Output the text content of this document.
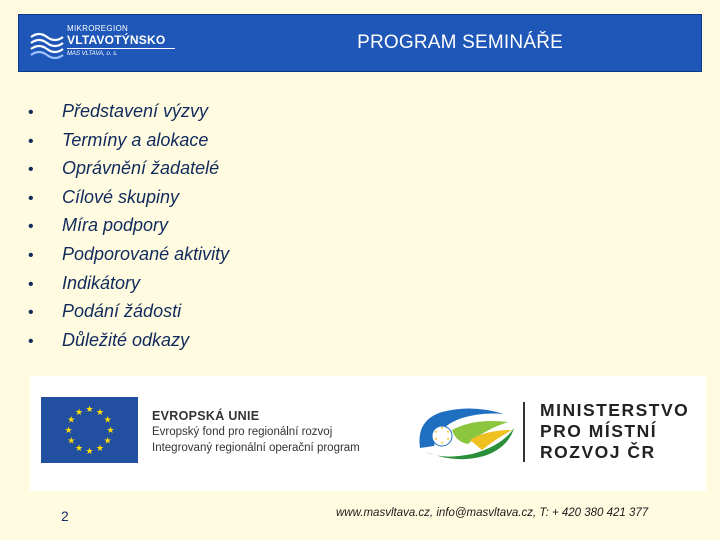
MIKROREGION
VLTAVOTÝNSKO
MAS VLTAVA, o. s.
PROGRAM SEMINÁŘE
• Představení výzvy
• Termíny a alokace
• Oprávnění žadatelé
• Cílové skupiny
• Míra podpory
• Podporované aktivity
• Indikátory
• Podání žádosti
• Důležité odkazy
★ ★
★
★
★
★
★
★
★
★
★
★	EVROPSKÁ UNIE
Evropský fond pro regionální rozvoj
Integrovaný regionální operační program
★
★
★
★
★
★
MINISTERSTVO
PRO MÍSTNÍ
ROZVOJ ČR
2	www.masvltava.cz, info@masvltava.cz, T: + 420 380 421 377
